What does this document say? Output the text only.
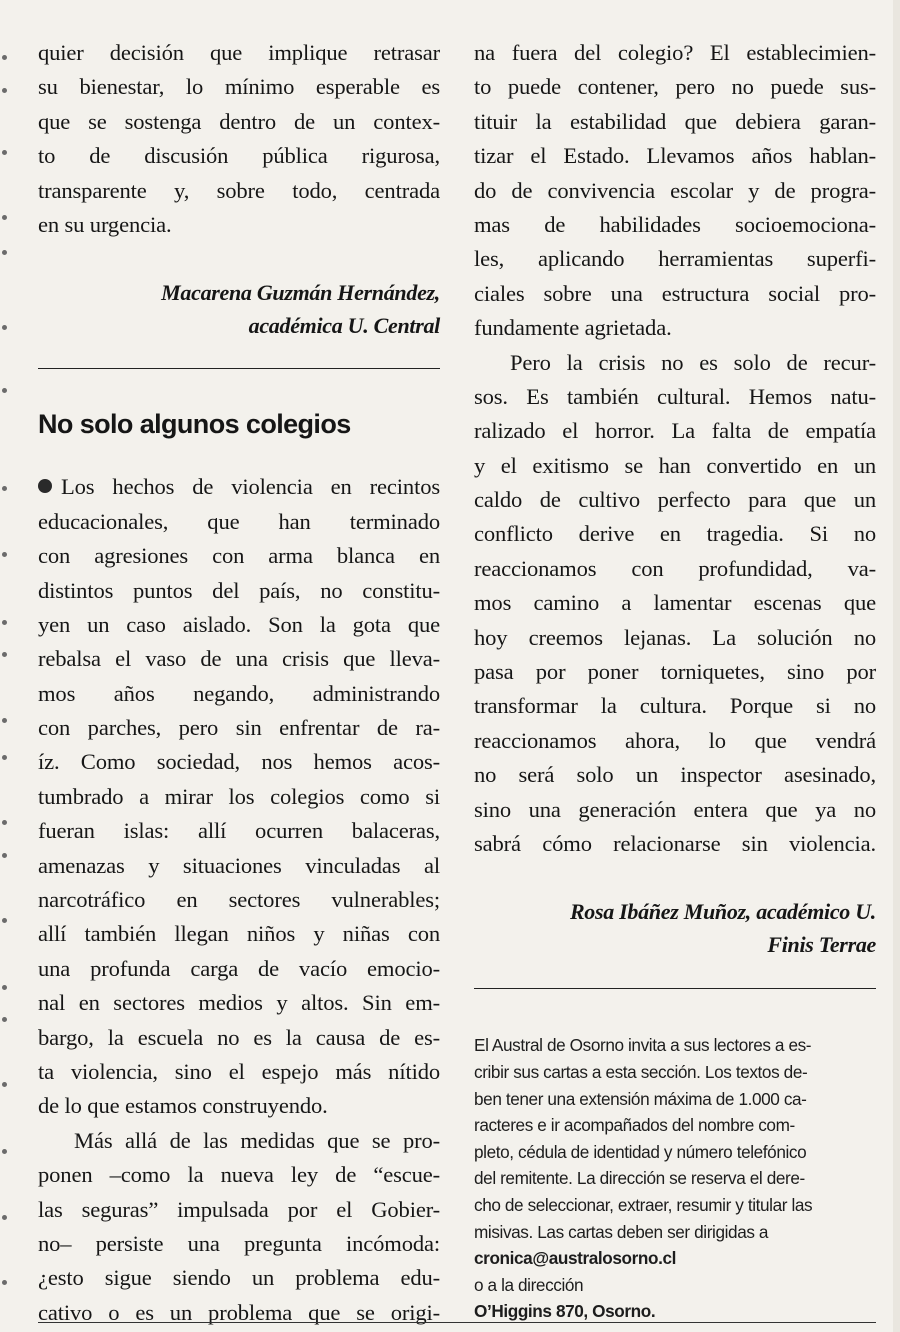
quier decisión que implique retrasar
su bienestar, lo mínimo esperable es
que se sostenga dentro de un contex-
to de discusión pública rigurosa,
transparente y, sobre todo, centrada
en su urgencia.
Macarena Guzmán Hernández,
académica U. Central
No solo algunos colegios
Los hechos de violencia en recintos
educacionales, que han terminado
con agresiones con arma blanca en
distintos puntos del país, no constitu-
yen un caso aislado. Son la gota que
rebalsa el vaso de una crisis que lleva-
mos años negando, administrando
con parches, pero sin enfrentar de ra-
íz. Como sociedad, nos hemos acos-
tumbrado a mirar los colegios como si
fueran islas: allí ocurren balaceras,
amenazas y situaciones vinculadas al
narcotráfico en sectores vulnerables;
allí también llegan niños y niñas con
una profunda carga de vacío emocio-
nal en sectores medios y altos. Sin em-
bargo, la escuela no es la causa de es-
ta violencia, sino el espejo más nítido
de lo que estamos construyendo.
Más allá de las medidas que se pro-
ponen –como la nueva ley de “escue-
las seguras” impulsada por el Gobier-
no– persiste una pregunta incómoda:
¿esto sigue siendo un problema edu-
cativo o es un problema que se origi-
na fuera del colegio? El establecimien-
to puede contener, pero no puede sus-
tituir la estabilidad que debiera garan-
tizar el Estado. Llevamos años hablan-
do de convivencia escolar y de progra-
mas de habilidades socioemociona-
les, aplicando herramientas superfi-
ciales sobre una estructura social pro-
fundamente agrietada.
Pero la crisis no es solo de recur-
sos. Es también cultural. Hemos natu-
ralizado el horror. La falta de empatía
y el exitismo se han convertido en un
caldo de cultivo perfecto para que un
conflicto derive en tragedia. Si no
reaccionamos con profundidad, va-
mos camino a lamentar escenas que
hoy creemos lejanas. La solución no
pasa por poner torniquetes, sino por
transformar la cultura. Porque si no
reaccionamos ahora, lo que vendrá
no será solo un inspector asesinado,
sino una generación entera que ya no
sabrá cómo relacionarse sin violencia.
Rosa Ibáñez Muñoz, académico U.
Finis Terrae
El Austral de Osorno invita a sus lectores a es-
cribir sus cartas a esta sección. Los textos de-
ben tener una extensión máxima de 1.000 ca-
racteres e ir acompañados del nombre com-
pleto, cédula de identidad y número telefónico
del remitente. La dirección se reserva el dere-
cho de seleccionar, extraer, resumir y titular las
misivas. Las cartas deben ser dirigidas a
cronica@australosorno.cl
o a la dirección
O’Higgins 870, Osorno.
